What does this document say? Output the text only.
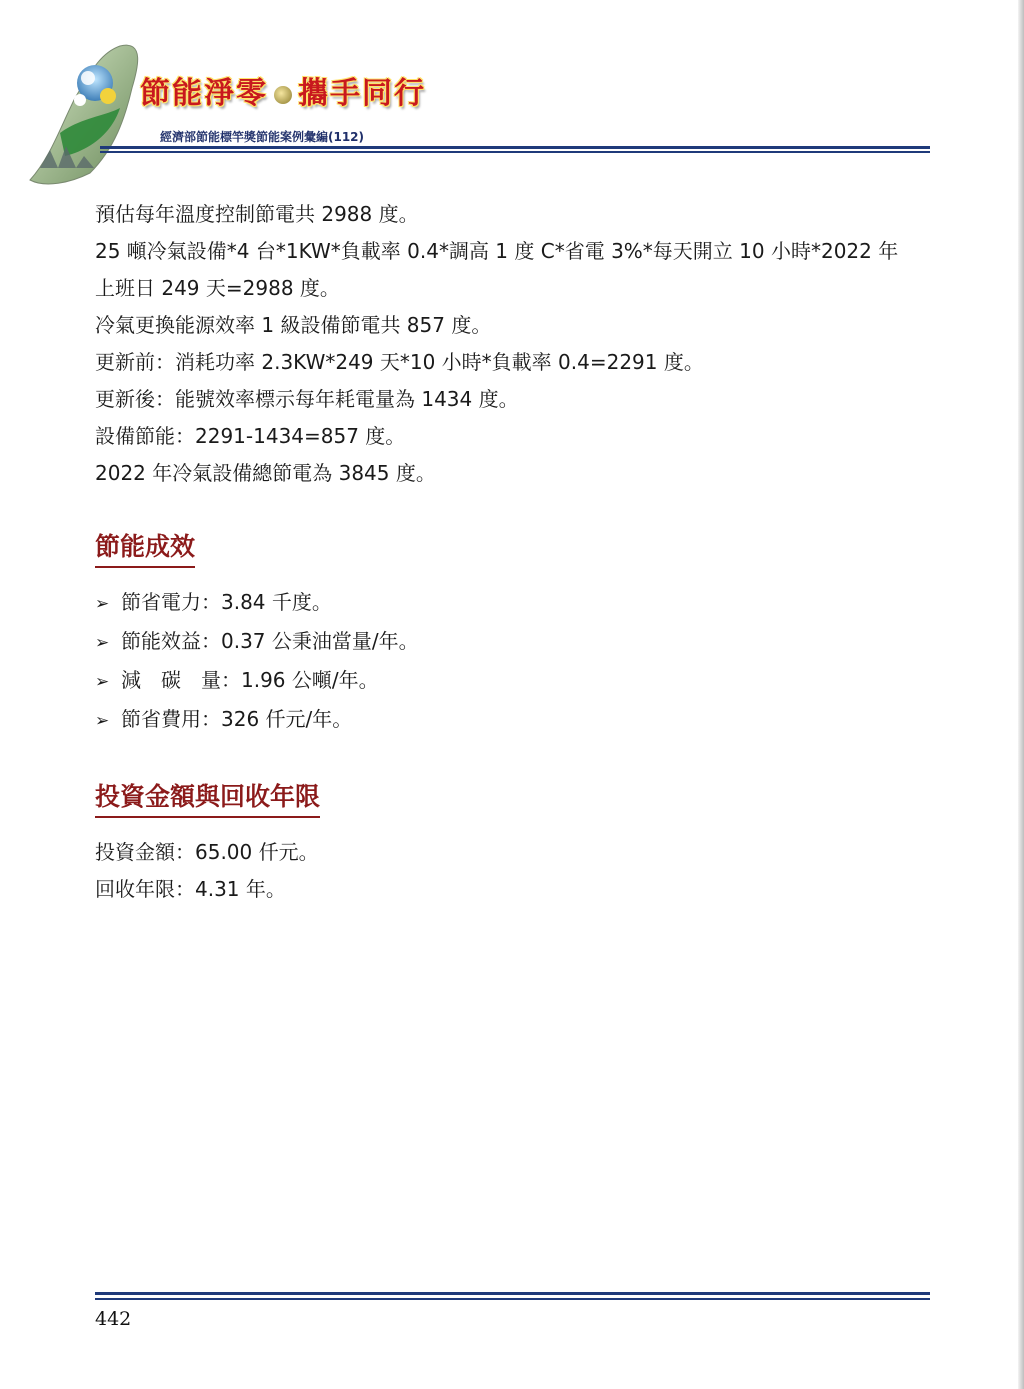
節能淨零 攜手同行
經濟部節能標竿獎節能案例彙編(112)

預估每年溫度控制節電共 2988 度。

25 噸冷氣設備*4 台*1KW*負載率 0.4*調高 1 度 C*省電 3%*每天開立 10 小時*2022 年

上班日 249 天=2988 度。

冷氣更換能源效率 1 級設備節電共 857 度。

更新前：消耗功率 2.3KW*249 天*10 小時*負載率 0.4=2291 度。

更新後：能號效率標示每年耗電量為 1434 度。

設備節能：2291-1434=857 度。

2022 年冷氣設備總節電為 3845 度。

節能成效
➢ 節省電力：3.84 千度。
➢ 節能效益：0.37 公秉油當量/年。
➢ 減　碳　量：1.96 公噸/年。
➢ 節省費用：326 仟元/年。
投資金額與回收年限

投資金額：65.00 仟元。

回收年限：4.31 年。

442
